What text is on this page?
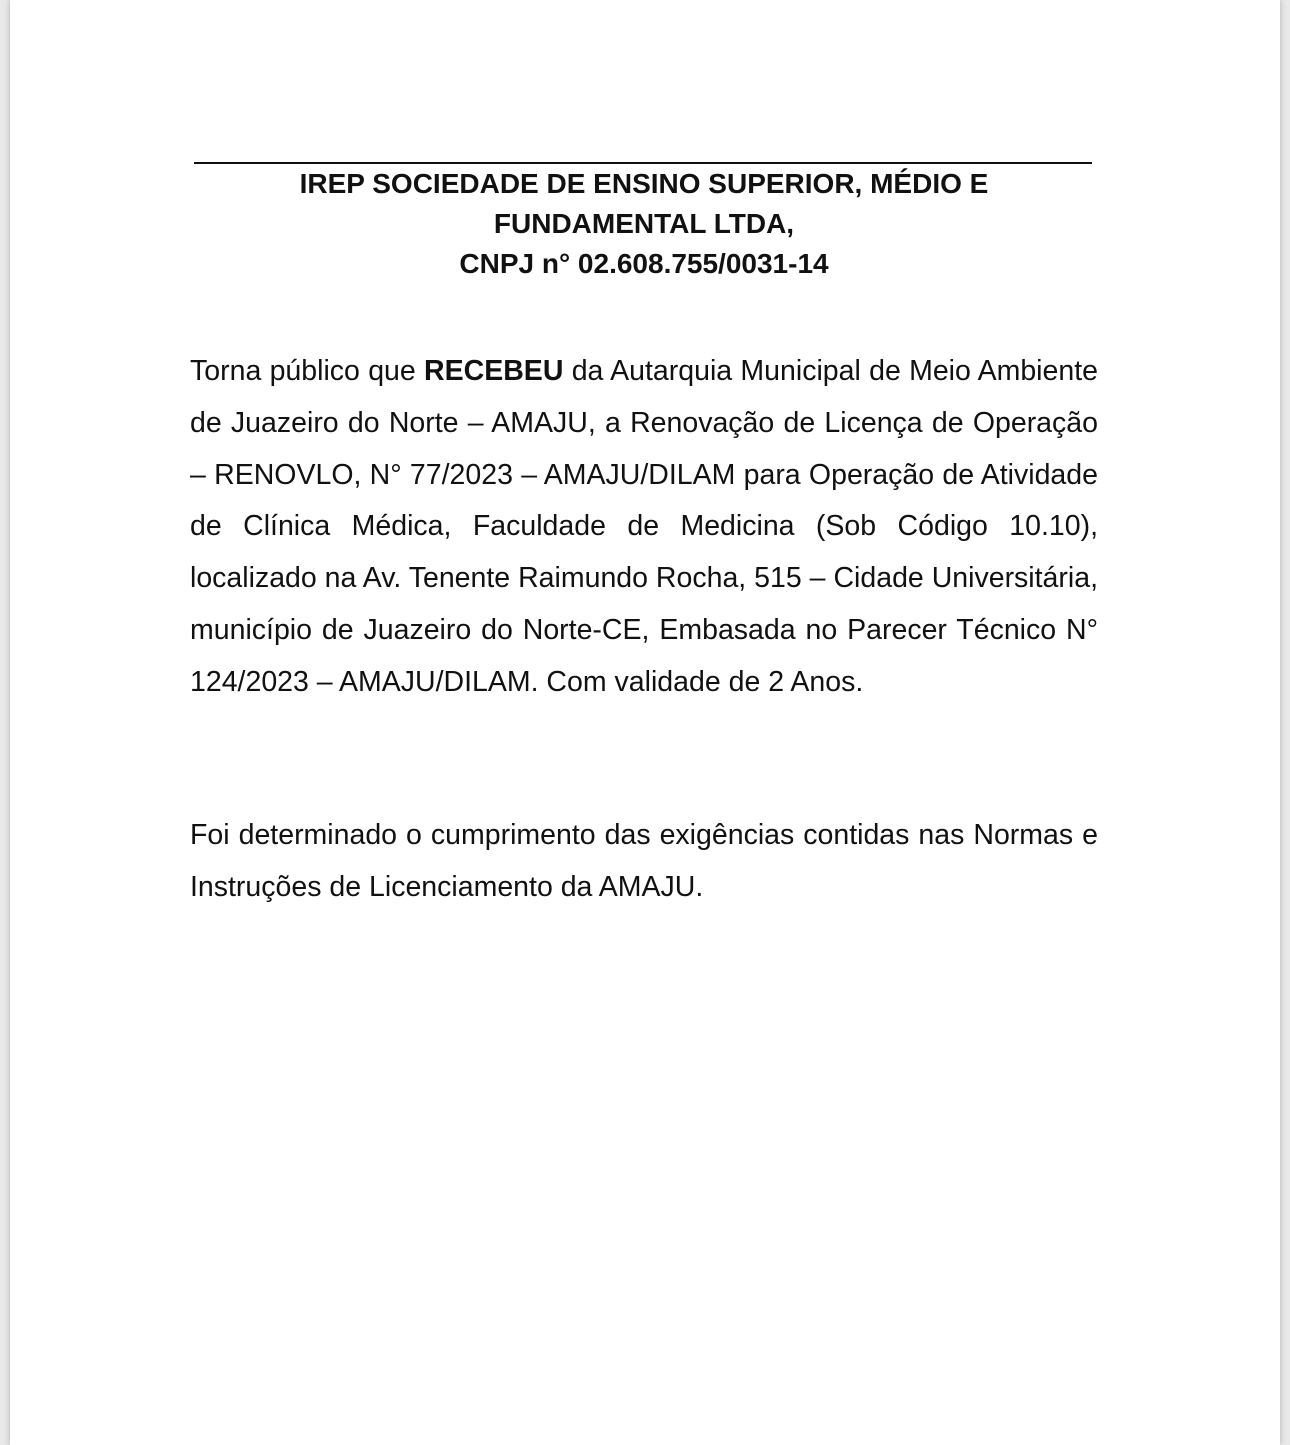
IREP SOCIEDADE DE ENSINO SUPERIOR, MÉDIO E
FUNDAMENTAL LTDA,
CNPJ n° 02.608.755/0031-14

Torna público que RECEBEU da Autarquia Municipal de Meio Ambiente de Juazeiro do Norte – AMAJU, a Renovação de Licença de Operação – RENOVLO, N° 77/2023 – AMAJU/DILAM para Operação de Atividade de Clínica Médica, Faculdade de Medicina (Sob Código 10.10), localizado na Av. Tenente Raimundo Rocha, 515 – Cidade Universitária, município de Juazeiro do Norte-CE, Embasada no Parecer Técnico N° 124/2023 – AMAJU/DILAM. Com validade de 2 Anos.

Foi determinado o cumprimento das exigências contidas nas Normas e Instruções de Licenciamento da AMAJU.
